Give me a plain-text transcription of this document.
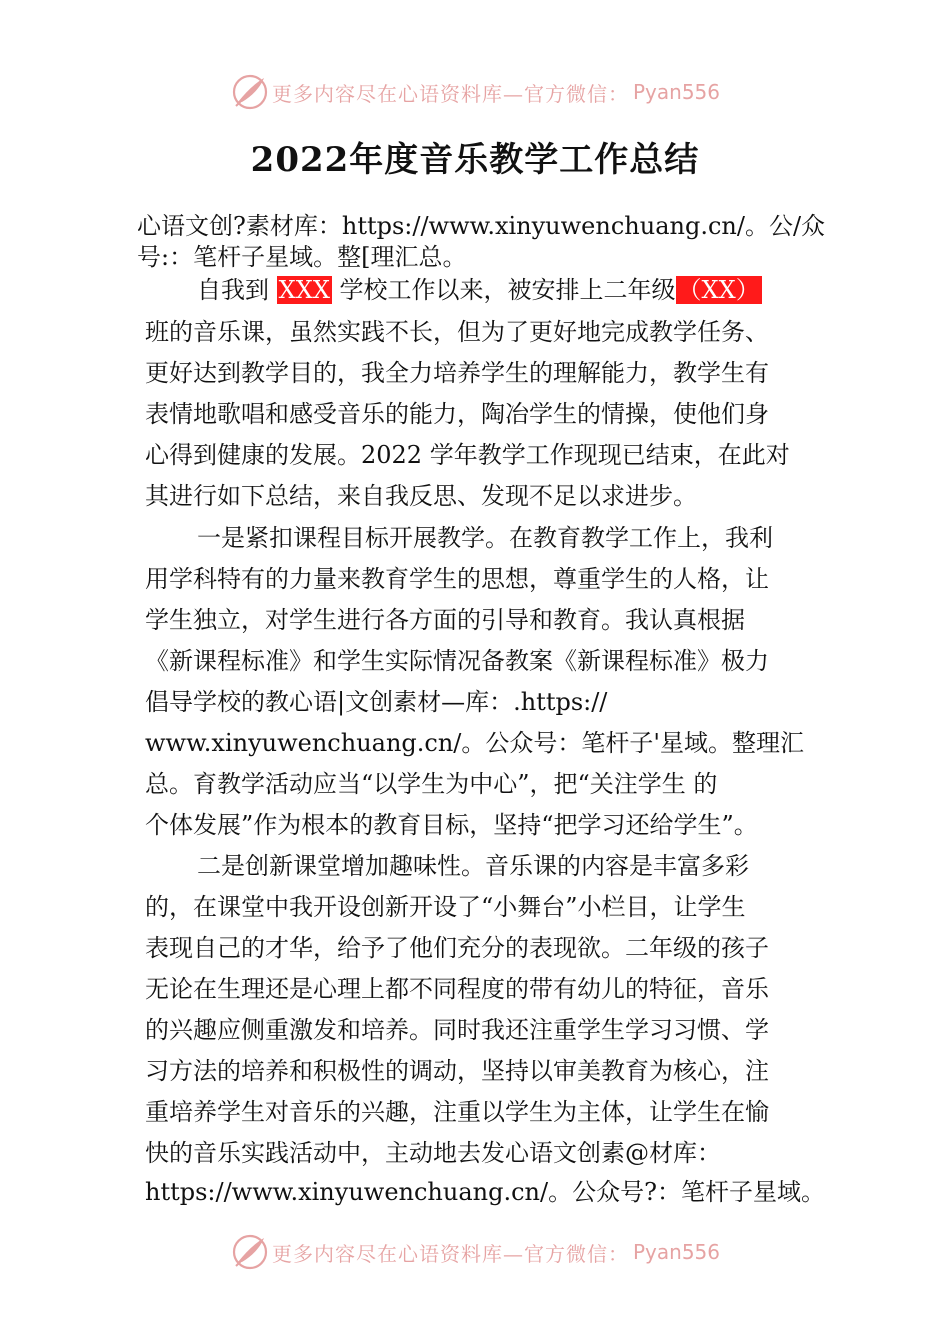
更多内容尽在心语资料库—官方微信： Pyan556
2022年度音乐教学工作总结
心语文创?素材库：https://www.xinyuwenchuang.cn/。公/众
号:：笔杆子星域。整[理汇总。
自我到 XXX 学校工作以来，被安排上二年级（XX）
班的音乐课，虽然实践不长，但为了更好地完成教学任务、
更好达到教学目的，我全力培养学生的理解能力，教学生有
表情地歌唱和感受音乐的能力，陶冶学生的情操，使他们身
心得到健康的发展。2022 学年教学工作现现已结束，在此对
其进行如下总结，来自我反思、发现不足以求进步。
一是紧扣课程目标开展教学。在教育教学工作上，我利
用学科特有的力量来教育学生的思想，尊重学生的人格，让
学生独立，对学生进行各方面的引导和教育。我认真根据
《新课程标准》和学生实际情况备教案《新课程标准》极力
倡导学校的教心语|文创素材—库：.https://
www.xinyuwenchuang.cn/。公众号：笔杆子'星域。整理汇
总。育教学活动应当“以学生为中心”，把“关注学生 的
个体发展”作为根本的教育目标，坚持“把学习还给学生”。
二是创新课堂增加趣味性。音乐课的内容是丰富多彩
的，在课堂中我开设创新开设了“小舞台”小栏目，让学生
表现自己的才华，给予了他们充分的表现欲。二年级的孩子
无论在生理还是心理上都不同程度的带有幼儿的特征，音乐
的兴趣应侧重激发和培养。同时我还注重学生学习习惯、学
习方法的培养和积极性的调动，坚持以审美教育为核心，注
重培养学生对音乐的兴趣，注重以学生为主体，让学生在愉
快的音乐实践活动中，主动地去发心语文创素@材库：
https://www.xinyuwenchuang.cn/。公众号?：笔杆子星域。
更多内容尽在心语资料库—官方微信： Pyan556
